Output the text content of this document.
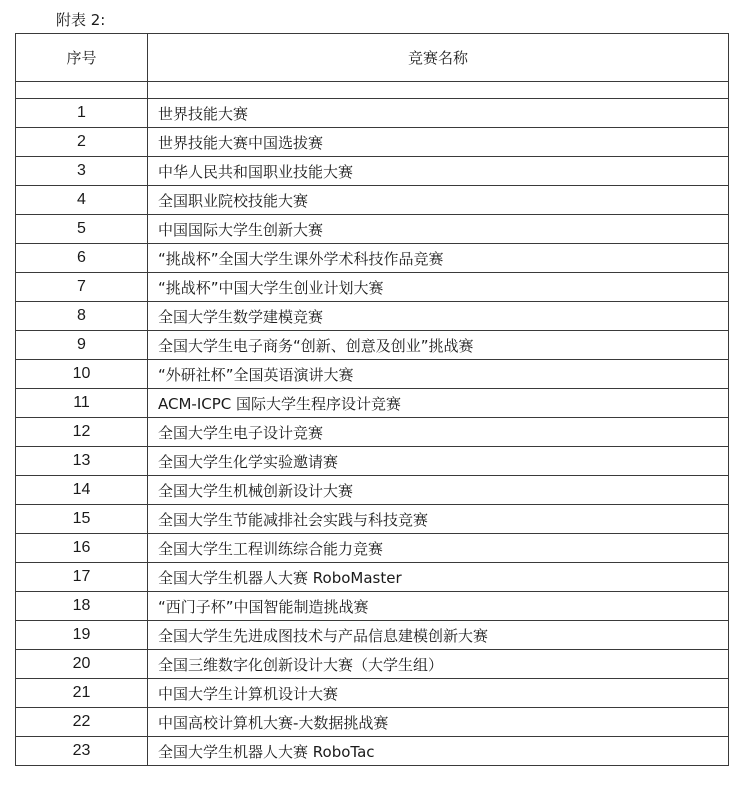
附表 2:
序号	竞赛名称

1	世界技能大赛
2	世界技能大赛中国选拔赛
3	中华人民共和国职业技能大赛
4	全国职业院校技能大赛
5	中国国际大学生创新大赛
6	“挑战杯”全国大学生课外学术科技作品竞赛
7	“挑战杯”中国大学生创业计划大赛
8	全国大学生数学建模竞赛
9	全国大学生电子商务“创新、创意及创业”挑战赛
10	“外研社杯”全国英语演讲大赛
11	ACM-ICPC 国际大学生程序设计竞赛
12	全国大学生电子设计竞赛
13	全国大学生化学实验邀请赛
14	全国大学生机械创新设计大赛
15	全国大学生节能减排社会实践与科技竞赛
16	全国大学生工程训练综合能力竞赛
17	全国大学生机器人大赛 RoboMaster
18	“西门子杯”中国智能制造挑战赛
19	全国大学生先进成图技术与产品信息建模创新大赛
20	全国三维数字化创新设计大赛（大学生组）
21	中国大学生计算机设计大赛
22	中国高校计算机大赛-大数据挑战赛
23	全国大学生机器人大赛 RoboTac
